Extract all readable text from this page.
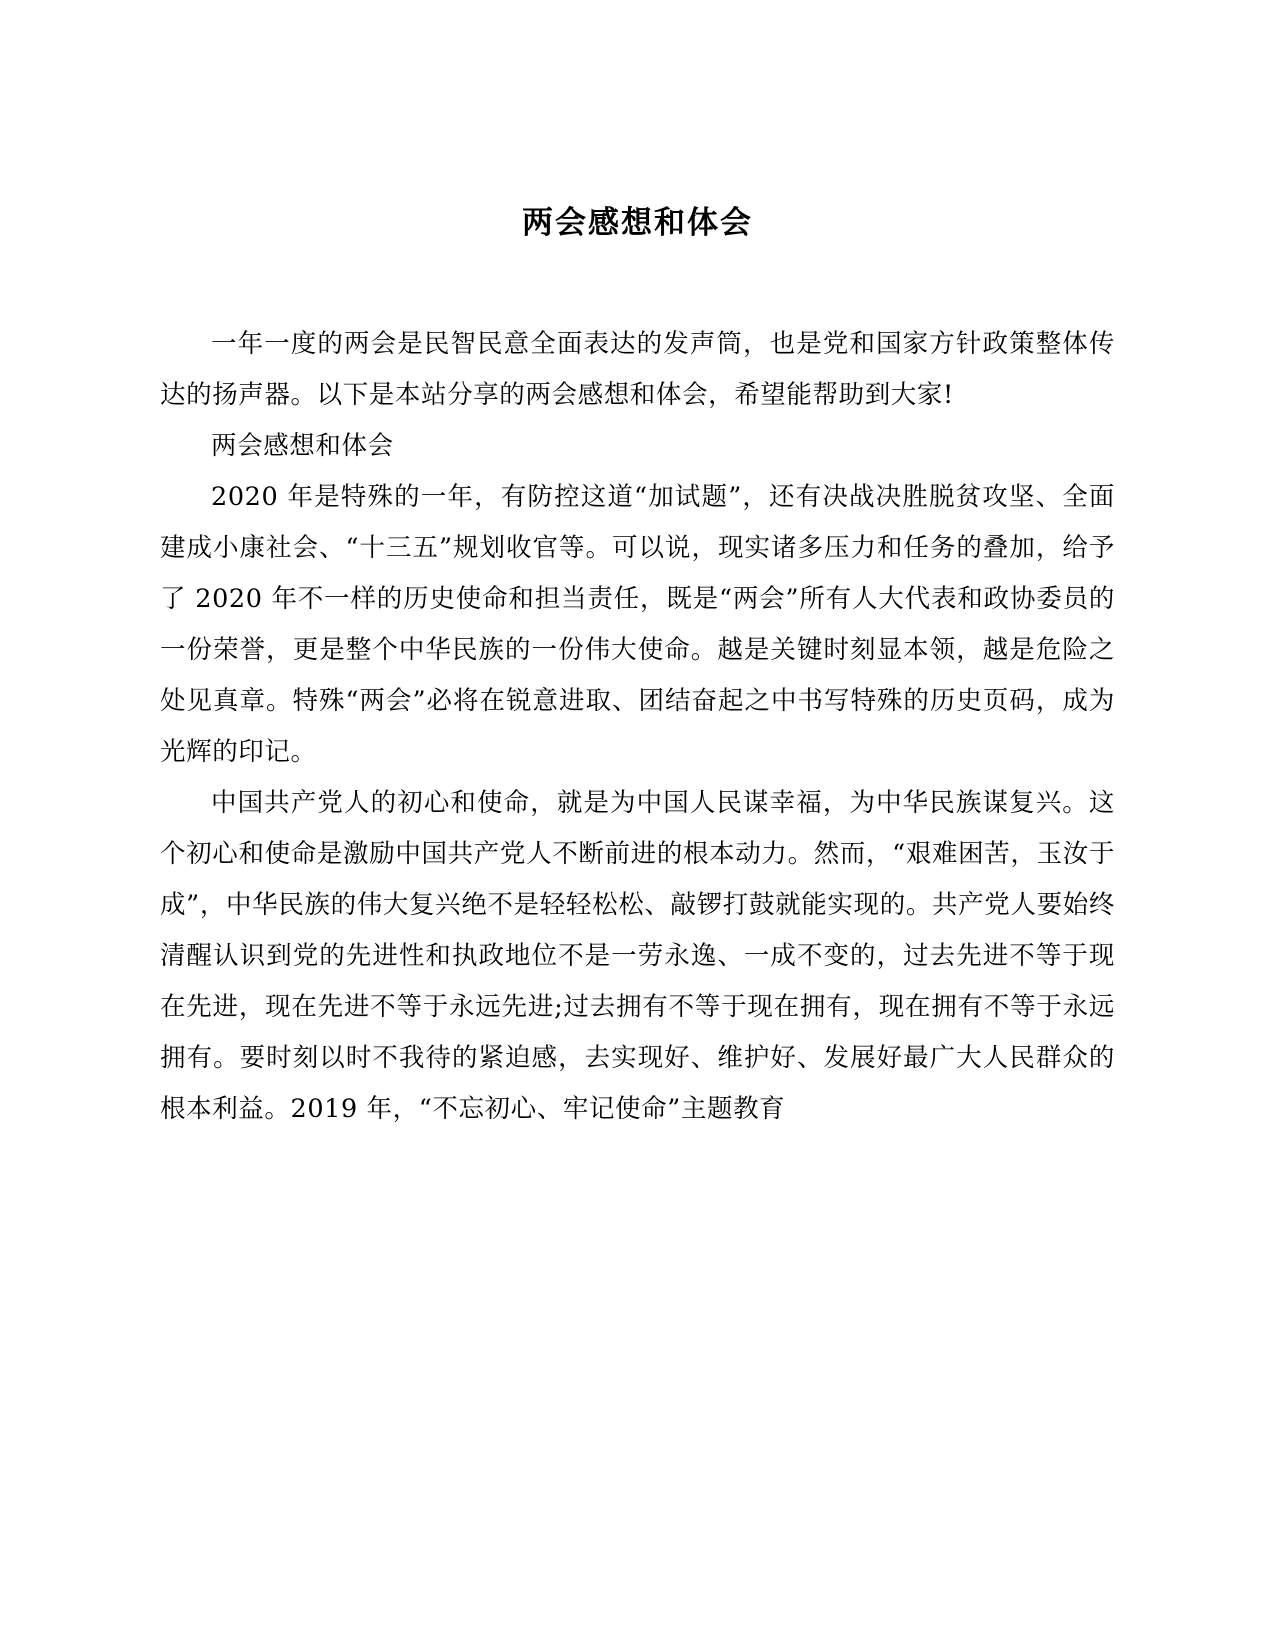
两会感想和体会

一年一度的两会是民智民意全面表达的发声筒，也是党和国家方针政策整体传达的扬声器。以下是本站分享的两会感想和体会，希望能帮助到大家!

两会感想和体会

2020 年是特殊的一年，有防控这道“加试题”，还有决战决胜脱贫攻坚、全面建成小康社会、“十三五”规划收官等。可以说，现实诸多压力和任务的叠加，给予了 2020 年不一样的历史使命和担当责任，既是“两会”所有人大代表和政协委员的一份荣誉，更是整个中华民族的一份伟大使命。越是关键时刻显本领，越是危险之处见真章。特殊“两会”必将在锐意进取、团结奋起之中书写特殊的历史页码，成为光辉的印记。

中国共产党人的初心和使命，就是为中国人民谋幸福，为中华民族谋复兴。这个初心和使命是激励中国共产党人不断前进的根本动力。然而，“艰难困苦，玉汝于成”，中华民族的伟大复兴绝不是轻轻松松、敲锣打鼓就能实现的。共产党人要始终清醒认识到党的先进性和执政地位不是一劳永逸、一成不变的，过去先进不等于现在先进，现在先进不等于永远先进;过去拥有不等于现在拥有，现在拥有不等于永远拥有。要时刻以时不我待的紧迫感，去实现好、维护好、发展好最广大人民群众的根本利益。2019 年，“不忘初心、牢记使命”主题教育
